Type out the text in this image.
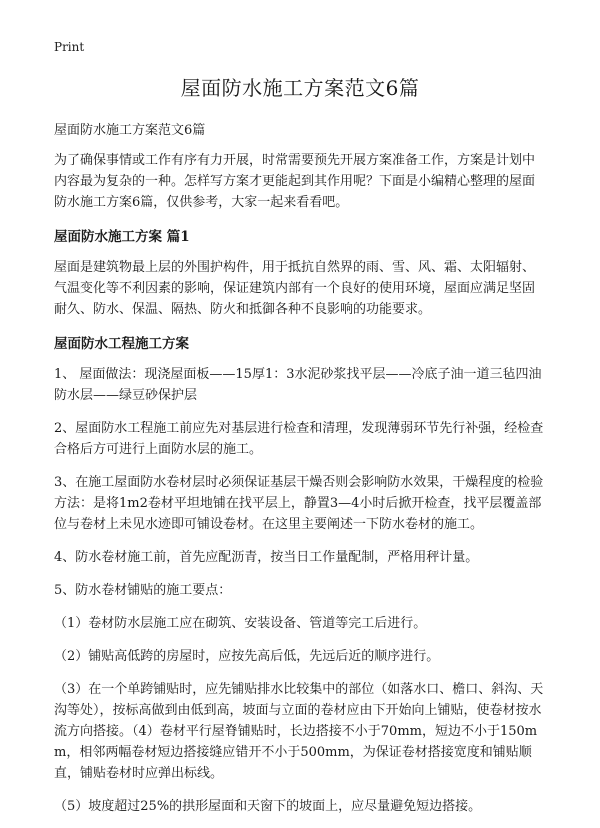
Print
屋面防水施工方案范文6篇
屋面防水施工方案范文6篇

为了确保事情或工作有序有力开展，时常需要预先开展方案准备工作，方案是计划中内容最为复杂的一种。怎样写方案才更能起到其作用呢？下面是小编精心整理的屋面防水施工方案6篇，仅供参考，大家一起来看看吧。

屋面防水施工方案 篇1

屋面是建筑物最上层的外围护构件，用于抵抗自然界的雨、雪、风、霜、太阳辐射、气温变化等不利因素的影响，保证建筑内部有一个良好的使用环境，屋面应满足坚固耐久、防水、保温、隔热、防火和抵御各种不良影响的功能要求。

屋面防水工程施工方案

1、 屋面做法：现浇屋面板——15厚1：3水泥砂浆找平层——冷底子油一道三毡四油防水层——绿豆砂保护层

2、屋面防水工程施工前应先对基层进行检查和清理，发现薄弱环节先行补强，经检查合格后方可进行上面防水层的施工。

3、在施工屋面防水卷材层时必须保证基层干燥否则会影响防水效果，干燥程度的检验方法：是将1m2卷材平坦地铺在找平层上，静置3—4小时后掀开检查，找平层覆盖部位与卷材上未见水迹即可铺设卷材。在这里主要阐述一下防水卷材的施工。

4、防水卷材施工前，首先应配沥青，按当日工作量配制，严格用秤计量。

5、防水卷材铺贴的施工要点：

（1）卷材防水层施工应在砌筑、安装设备、管道等完工后进行。

（2）铺贴高低跨的房屋时，应按先高后低，先远后近的顺序进行。

（3）在一个单跨铺贴时，应先铺贴排水比较集中的部位（如落水口、檐口、斜沟、天沟等处），按标高做到由低到高，坡面与立面的卷材应由下开始向上铺贴，使卷材按水流方向搭接。（4）卷材平行屋脊铺贴时，长边搭接不小于70mm，短边不小于150mm，相邻两幅卷材短边搭接缝应错开不小于500mm，为保证卷材搭接宽度和铺贴顺直，铺贴卷材时应弹出标线。

（5）坡度超过25%的拱形屋面和天窗下的坡面上，应尽量避免短边搭接。
